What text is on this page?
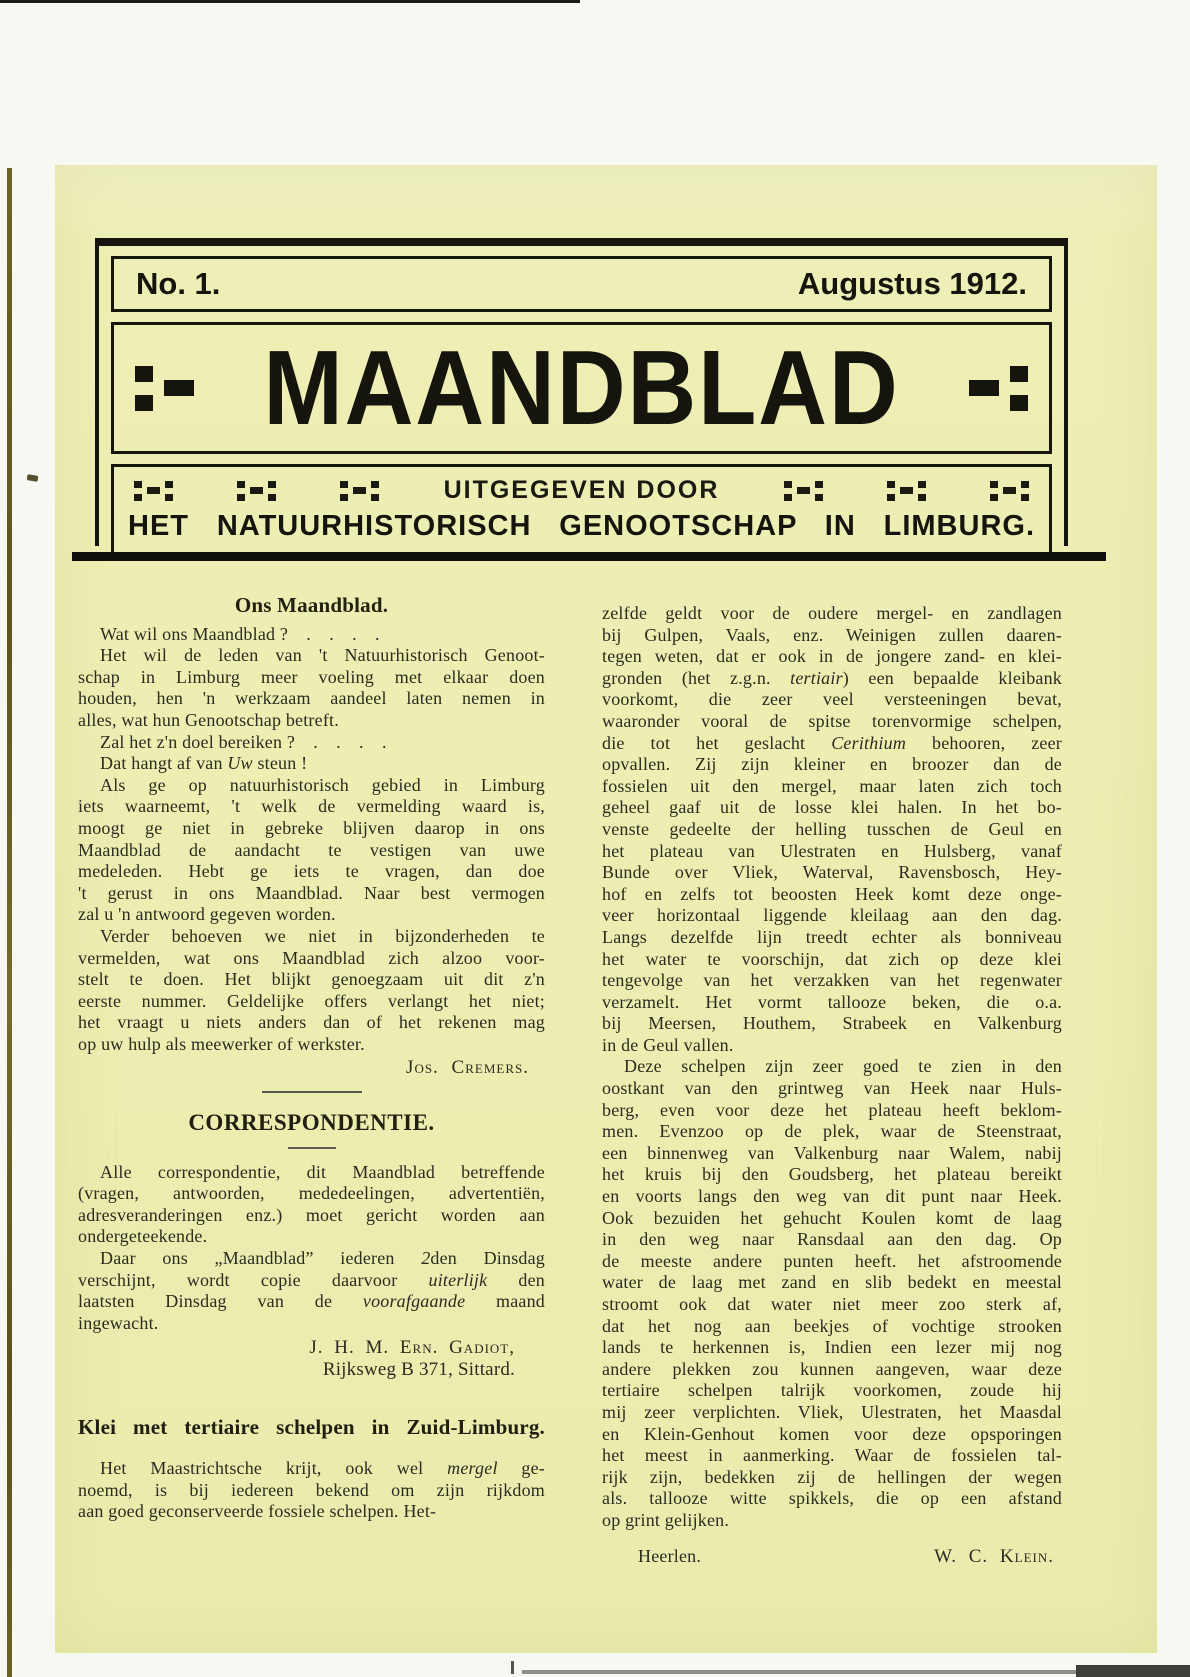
No. 1.	Augustus 1912.
MAANDBLAD
UITGEGEVEN DOOR
HET NATUURHISTORISCH GENOOTSCHAP IN LIMBURG.
Ons Maandblad.
Wat wil ons Maandblad ? . . . .
Het wil de leden van 't Natuurhistorisch Genoot-
schap in Limburg meer voeling met elkaar doen
houden, hen 'n werkzaam aandeel laten nemen in
alles, wat hun Genootschap betreft.
Zal het z'n doel bereiken ? . . . .
Dat hangt af van Uw steun !
Als ge op natuurhistorisch gebied in Limburg
iets waarneemt, 't welk de vermelding waard is,
moogt ge niet in gebreke blijven daarop in ons
Maandblad de aandacht te vestigen van uwe
medeleden. Hebt ge iets te vragen, dan doe
't gerust in ons Maandblad. Naar best vermogen
zal u 'n antwoord gegeven worden.
Verder behoeven we niet in bijzonderheden te
vermelden, wat ons Maandblad zich alzoo voor-
stelt te doen. Het blijkt genoegzaam uit dit z'n
eerste nummer. Geldelijke offers verlangt het niet;
het vraagt u niets anders dan of het rekenen mag
op uw hulp als meewerker of werkster.
Jos. Cremers.
CORRESPONDENTIE.
Alle correspondentie, dit Maandblad betreffende
(vragen, antwoorden, mededeelingen, advertentiën,
adresveranderingen enz.) moet gericht worden aan
ondergeteekende.
Daar ons „Maandblad” iederen 2den Dinsdag
verschijnt, wordt copie daarvoor uiterlijk den
laatsten Dinsdag van de voorafgaande maand
ingewacht.
J. H. M. Ern. Gadiot,
Rijksweg B 371, Sittard.
Klei met tertiaire schelpen in Zuid-Limburg.
Het Maastrichtsche krijt, ook wel mergel ge-
noemd, is bij iedereen bekend om zijn rijkdom
aan goed geconserveerde fossiele schelpen. Het-
zelfde geldt voor de oudere mergel- en zandlagen
bij Gulpen, Vaals, enz. Weinigen zullen daaren-
tegen weten, dat er ook in de jongere zand- en klei-
gronden (het z.g.n. tertiair) een bepaalde kleibank
voorkomt, die zeer veel versteeningen bevat,
waaronder vooral de spitse torenvormige schelpen,
die tot het geslacht Cerithium behooren, zeer
opvallen. Zij zijn kleiner en broozer dan de
fossielen uit den mergel, maar laten zich toch
geheel gaaf uit de losse klei halen. In het bo-
venste gedeelte der helling tusschen de Geul en
het plateau van Ulestraten en Hulsberg, vanaf
Bunde over Vliek, Waterval, Ravensbosch, Hey-
hof en zelfs tot beoosten Heek komt deze onge-
veer horizontaal liggende kleilaag aan den dag.
Langs dezelfde lijn treedt echter als bonniveau
het water te voorschijn, dat zich op deze klei
tengevolge van het verzakken van het regenwater
verzamelt. Het vormt tallooze beken, die o.a.
bij Meersen, Houthem, Strabeek en Valkenburg
in de Geul vallen.
Deze schelpen zijn zeer goed te zien in den
oostkant van den grintweg van Heek naar Huls-
berg, even voor deze het plateau heeft beklom-
men. Evenzoo op de plek, waar de Steenstraat,
een binnenweg van Valkenburg naar Walem, nabij
het kruis bij den Goudsberg, het plateau bereikt
en voorts langs den weg van dit punt naar Heek.
Ook bezuiden het gehucht Koulen komt de laag
in den weg naar Ransdaal aan den dag. Op
de meeste andere punten heeft. het afstroomende
water de laag met zand en slib bedekt en meestal
stroomt ook dat water niet meer zoo sterk af,
dat het nog aan beekjes of vochtige strooken
lands te herkennen is, Indien een lezer mij nog
andere plekken zou kunnen aangeven, waar deze
tertiaire schelpen talrijk voorkomen, zoude hij
mij zeer verplichten. Vliek, Ulestraten, het Maasdal
en Klein-Genhout komen voor deze opsporingen
het meest in aanmerking. Waar de fossielen tal-
rijk zijn, bedekken zij de hellingen der wegen
als. tallooze witte spikkels, die op een afstand
op grint gelijken.
Heerlen.	W. C. Klein.
